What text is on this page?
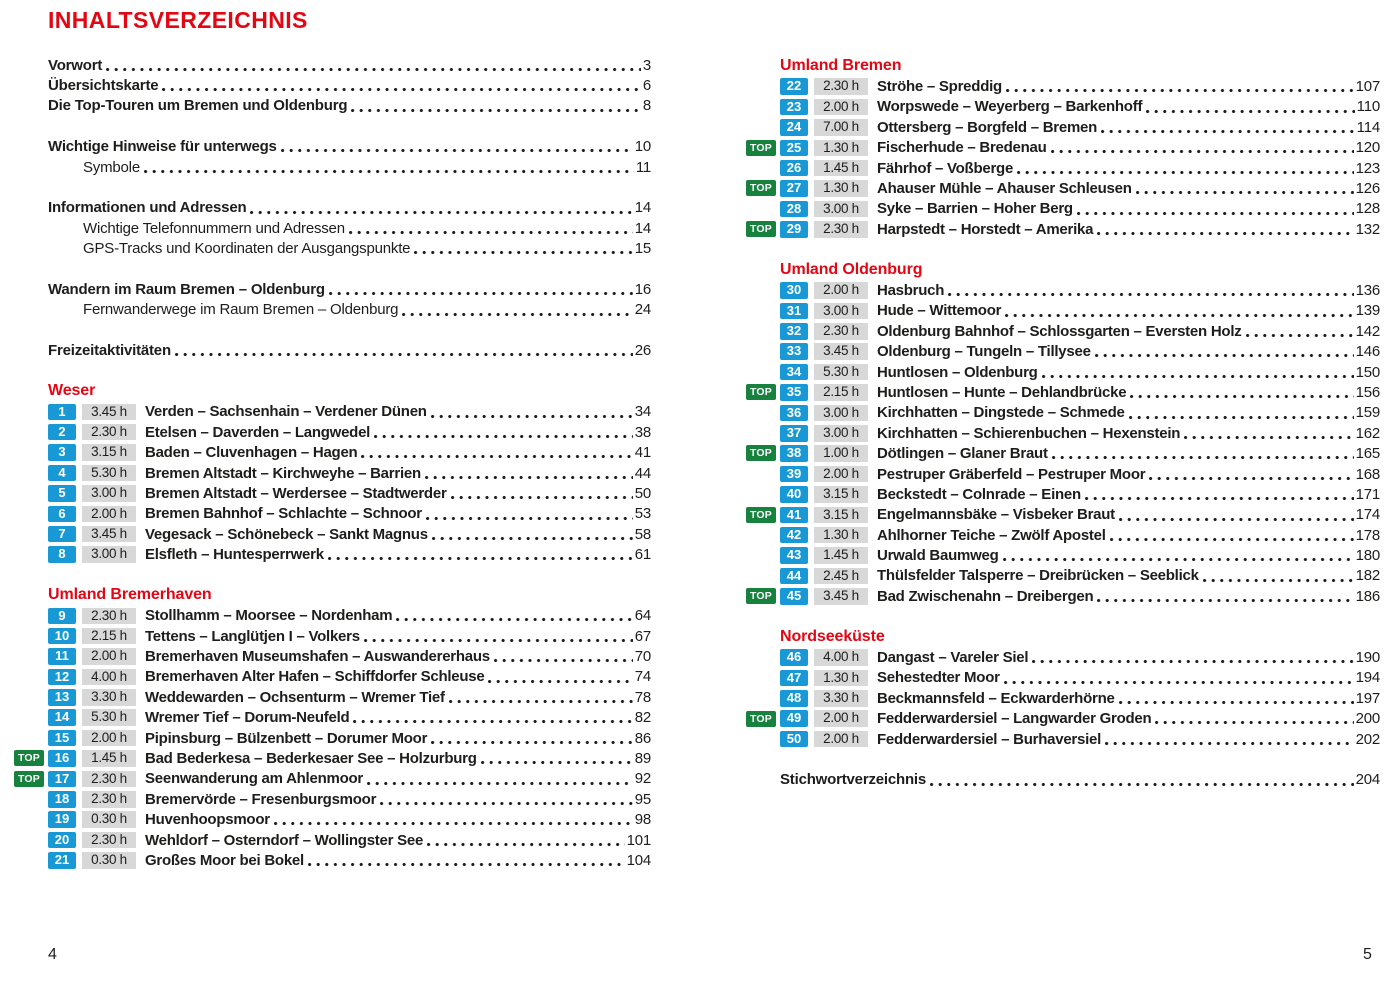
INHALTSVERZEICHNIS
Vorwort	3
Übersichtskarte	6
Die Top-Touren um Bremen und Oldenburg	8
Wichtige Hinweise für unterwegs	10
Symbole	11
Informationen und Adressen	14
Wichtige Telefonnummern und Adressen	14
GPS-Tracks und Koordinaten der Ausgangspunkte	15
Wandern im Raum Bremen – Oldenburg	16
Fernwanderwege im Raum Bremen – Oldenburg	24
Freizeitaktivitäten	26
Weser
1	3.45 h	Verden – Sachsenhain – Verdener Dünen	34
2	2.30 h	Etelsen – Daverden – Langwedel	38
3	3.15 h	Baden – Cluvenhagen – Hagen	41
4	5.30 h	Bremen Altstadt – Kirchweyhe – Barrien	44
5	3.00 h	Bremen Altstadt – Werdersee – Stadtwerder	50
6	2.00 h	Bremen Bahnhof – Schlachte – Schnoor	53
7	3.45 h	Vegesack – Schönebeck – Sankt Magnus	58
8	3.00 h	Elsfleth – Huntesperrwerk	61
Umland Bremerhaven
9	2.30 h	Stollhamm – Moorsee – Nordenham	64
10	2.15 h	Tettens – Langlütjen I – Volkers	67
11	2.00 h	Bremerhaven Museumshafen – Auswandererhaus	70
12	4.00 h	Bremerhaven Alter Hafen – Schiffdorfer Schleuse	74
13	3.30 h	Weddewarden – Ochsenturm – Wremer Tief	78
14	5.30 h	Wremer Tief – Dorum-Neufeld	82
15	2.00 h	Pipinsburg – Bülzenbett – Dorumer Moor	86
TOP	16	1.45 h	Bad Bederkesa – Bederkesaer See – Holzurburg	89
TOP	17	2.30 h	Seenwanderung am Ahlenmoor	92
18	2.30 h	Bremervörde – Fresenburgsmoor	95
19	0.30 h	Huvenhoopsmoor	98
20	2.30 h	Wehldorf – Osterndorf – Wollingster See	101
21	0.30 h	Großes Moor bei Bokel	104
Umland Bremen
22	2.30 h	Ströhe – Spreddig	107
23	2.00 h	Worpswede – Weyerberg – Barkenhoff	110
24	7.00 h	Ottersberg – Borgfeld – Bremen	114
TOP	25	1.30 h	Fischerhude – Bredenau	120
26	1.45 h	Fährhof – Voßberge	123
TOP	27	1.30 h	Ahauser Mühle – Ahauser Schleusen	126
28	3.00 h	Syke – Barrien – Hoher Berg	128
TOP	29	2.30 h	Harpstedt – Horstedt – Amerika	132
Umland Oldenburg
30	2.00 h	Hasbruch	136
31	3.00 h	Hude – Wittemoor	139
32	2.30 h	Oldenburg Bahnhof – Schlossgarten – Eversten Holz	142
33	3.45 h	Oldenburg – Tungeln – Tillysee	146
34	5.30 h	Huntlosen – Oldenburg	150
TOP	35	2.15 h	Huntlosen – Hunte – Dehlandbrücke	156
36	3.00 h	Kirchhatten – Dingstede – Schmede	159
37	3.00 h	Kirchhatten – Schierenbuchen – Hexenstein	162
TOP	38	1.00 h	Dötlingen – Glaner Braut	165
39	2.00 h	Pestruper Gräberfeld – Pestruper Moor	168
40	3.15 h	Beckstedt – Colnrade – Einen	171
TOP	41	3.15 h	Engelmannsbäke – Visbeker Braut	174
42	1.30 h	Ahlhorner Teiche – Zwölf Apostel	178
43	1.45 h	Urwald Baumweg	180
44	2.45 h	Thülsfelder Talsperre – Dreibrücken – Seeblick	182
TOP	45	3.45 h	Bad Zwischenahn – Dreibergen	186
Nordseeküste
46	4.00 h	Dangast – Vareler Siel	190
47	1.30 h	Sehestedter Moor	194
48	3.30 h	Beckmannsfeld – Eckwarderhörne	197
TOP	49	2.00 h	Fedderwardersiel – Langwarder Groden	200
50	2.00 h	Fedderwardersiel – Burhaversiel	202
Stichwortverzeichnis	204
4	5
